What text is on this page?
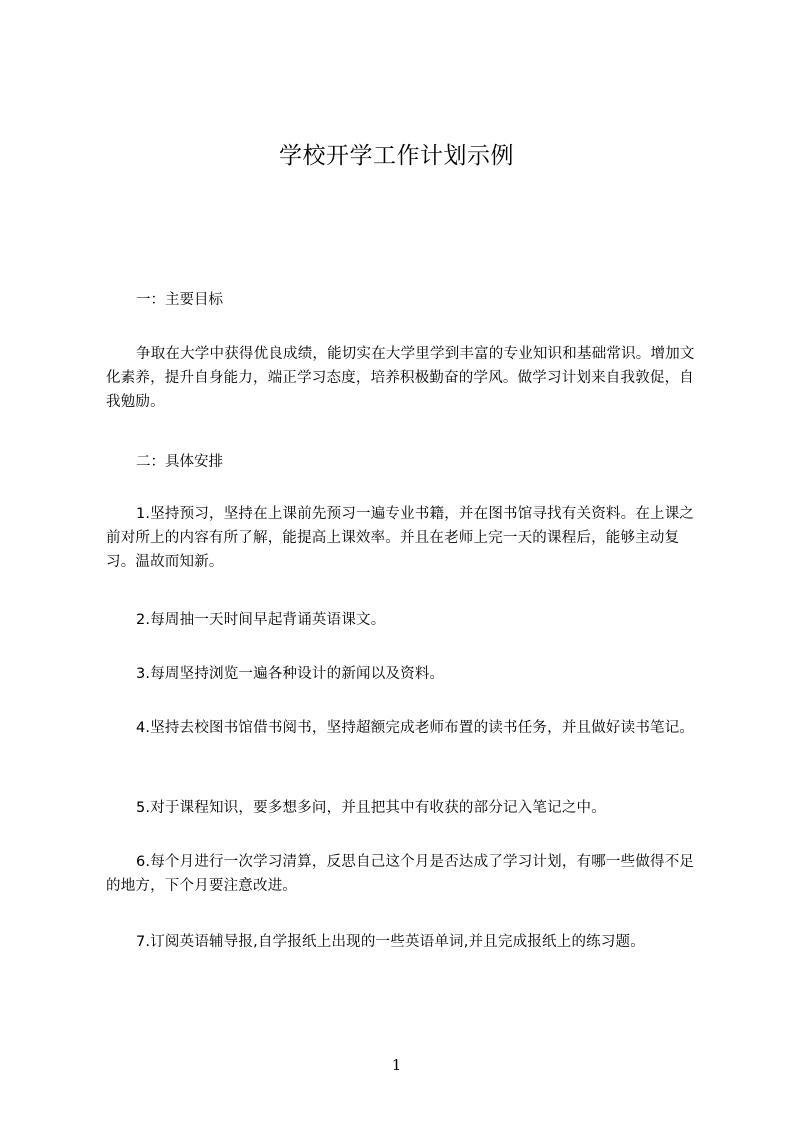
学校开学工作计划示例
一：主要目标
争取在大学中获得优良成绩，能切实在大学里学到丰富的专业知识和基础常识。增加文化素养，提升自身能力，端正学习态度，培养积极勤奋的学风。做学习计划来自我敦促，自我勉励。
二：具体安排
1.坚持预习，坚持在上课前先预习一遍专业书籍，并在图书馆寻找有关资料。在上课之前对所上的内容有所了解，能提高上课效率。并且在老师上完一天的课程后，能够主动复习。温故而知新。
2.每周抽一天时间早起背诵英语课文。
3.每周坚持浏览一遍各种设计的新闻以及资料。
4.坚持去校图书馆借书阅书，坚持超额完成老师布置的读书任务，并且做好读书笔记。
5.对于课程知识，要多想多问，并且把其中有收获的部分记入笔记之中。
6.每个月进行一次学习清算，反思自己这个月是否达成了学习计划，有哪一些做得不足的地方，下个月要注意改进。
7.订阅英语辅导报,自学报纸上出现的一些英语单词,并且完成报纸上的练习题。
1
